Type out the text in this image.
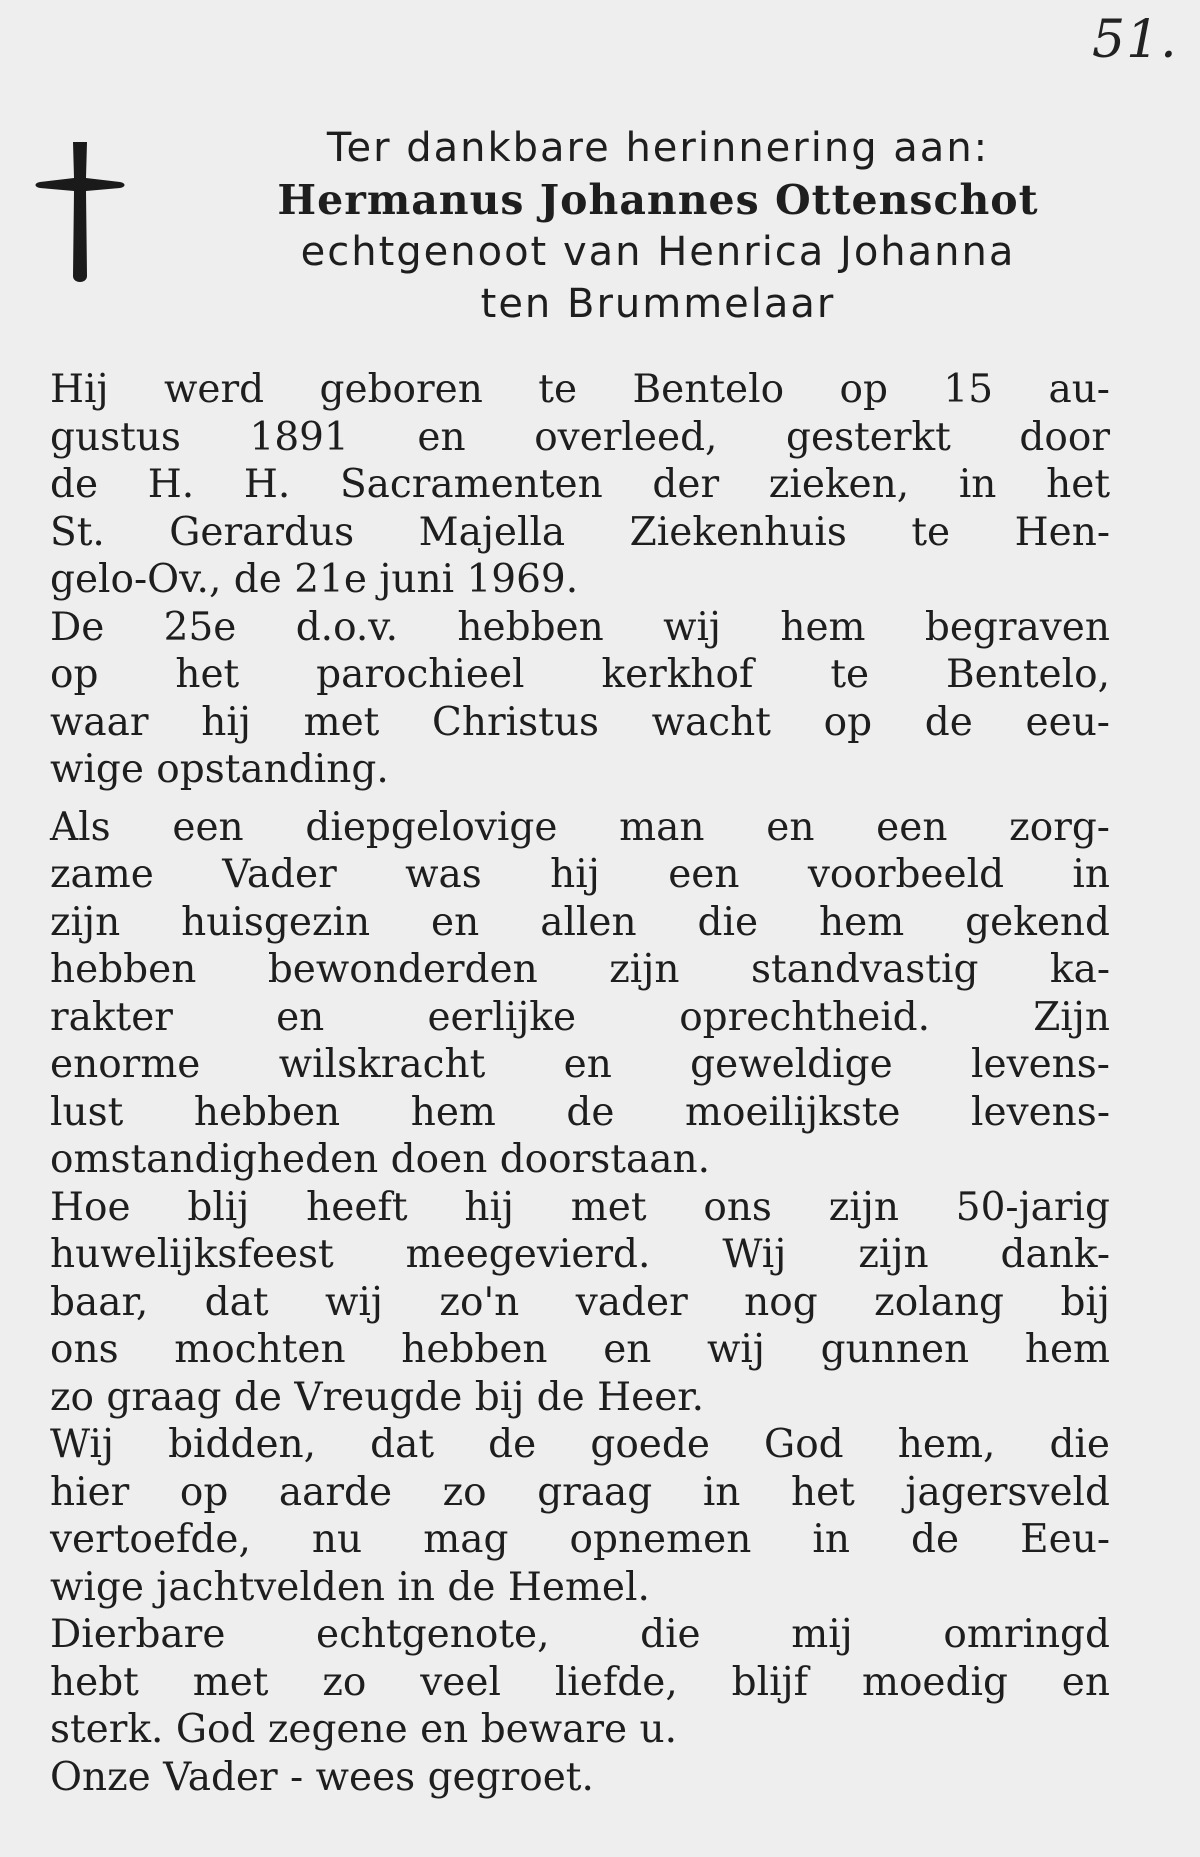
51.
Ter dankbare herinnering aan:
Hermanus Johannes Ottenschot
echtgenoot van Henrica Johanna
ten Brummelaar
Hij werd geboren te Bentelo op 15 au-
gustus 1891 en overleed, gesterkt door
de H. H. Sacramenten der zieken, in het
St. Gerardus Majella Ziekenhuis te Hen-
gelo-Ov., de 21e juni 1969.
De 25e d.o.v. hebben wij hem begraven
op het parochieel kerkhof te Bentelo,
waar hij met Christus wacht op de eeu-
wige opstanding.
Als een diepgelovige man en een zorg-
zame Vader was hij een voorbeeld in
zijn huisgezin en allen die hem gekend
hebben bewonderden zijn standvastig ka-
rakter en eerlijke oprechtheid. Zijn
enorme wilskracht en geweldige levens-
lust hebben hem de moeilijkste levens-
omstandigheden doen doorstaan.
Hoe blij heeft hij met ons zijn 50-jarig
huwelijksfeest meegevierd. Wij zijn dank-
baar, dat wij zo'n vader nog zolang bij
ons mochten hebben en wij gunnen hem
zo graag de Vreugde bij de Heer.
Wij bidden, dat de goede God hem, die
hier op aarde zo graag in het jagersveld
vertoefde, nu mag opnemen in de Eeu-
wige jachtvelden in de Hemel.
Dierbare echtgenote, die mij omringd
hebt met zo veel liefde, blijf moedig en
sterk. God zegene en beware u.
Onze Vader - wees gegroet.
